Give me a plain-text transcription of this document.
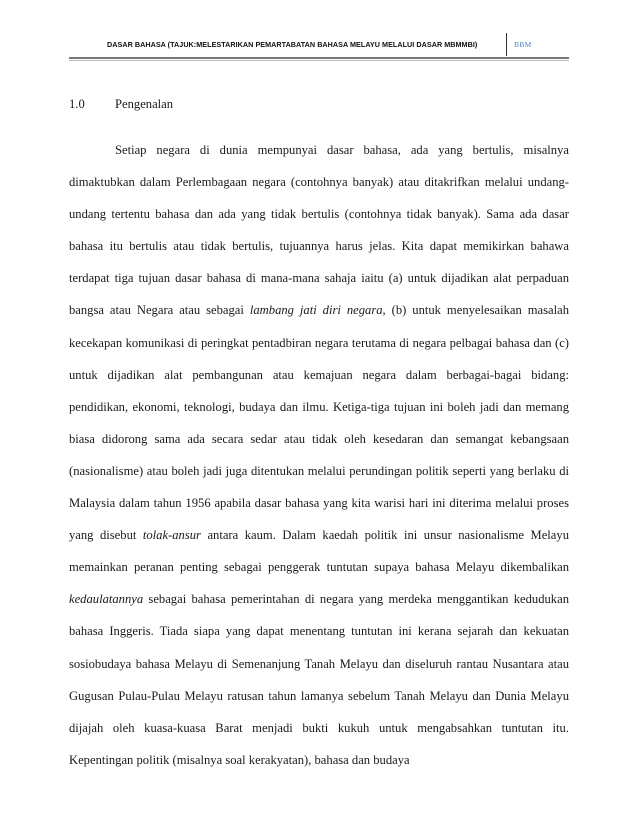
DASAR BAHASA (TAJUK:MELESTARIKAN PEMARTABATAN BAHASA MELAYU MELALUI DASAR MBMMBI)	BBM
1.0 Pengenalan

Setiap negara di dunia mempunyai dasar bahasa, ada yang bertulis, misalnya dimaktubkan dalam Perlembagaan negara (contohnya banyak) atau ditakrifkan melalui undang-undang tertentu bahasa dan ada yang tidak bertulis (contohnya tidak banyak). Sama ada dasar bahasa itu bertulis atau tidak bertulis, tujuannya harus jelas. Kita dapat memikirkan bahawa terdapat tiga tujuan dasar bahasa di mana-mana sahaja iaitu (a) untuk dijadikan alat perpaduan bangsa atau Negara atau sebagai lambang jati diri negara, (b) untuk menyelesaikan masalah kecekapan komunikasi di peringkat pentadbiran negara terutama di negara pelbagai bahasa dan (c) untuk dijadikan alat pembangunan atau kemajuan negara dalam berbagai-bagai bidang: pendidikan, ekonomi, teknologi, budaya dan ilmu. Ketiga-tiga tujuan ini boleh jadi dan memang biasa didorong sama ada secara sedar atau tidak oleh kesedaran dan semangat kebangsaan (nasionalisme) atau boleh jadi juga ditentukan melalui perundingan politik seperti yang berlaku di Malaysia dalam tahun 1956 apabila dasar bahasa yang kita warisi hari ini diterima melalui proses yang disebut tolak-ansur antara kaum. Dalam kaedah politik ini unsur nasionalisme Melayu memainkan peranan penting sebagai penggerak tuntutan supaya bahasa Melayu dikembalikan kedaulatannya sebagai bahasa pemerintahan di negara yang merdeka menggantikan kedudukan bahasa Inggeris. Tiada siapa yang dapat menentang tuntutan ini kerana sejarah dan kekuatan sosiobudaya bahasa Melayu di Semenanjung Tanah Melayu dan diseluruh rantau Nusantara atau Gugusan Pulau-Pulau Melayu ratusan tahun lamanya sebelum Tanah Melayu dan Dunia Melayu dijajah oleh kuasa-kuasa Barat menjadi bukti kukuh untuk mengabsahkan tuntutan itu. Kepentingan politik (misalnya soal kerakyatan), bahasa dan budaya
